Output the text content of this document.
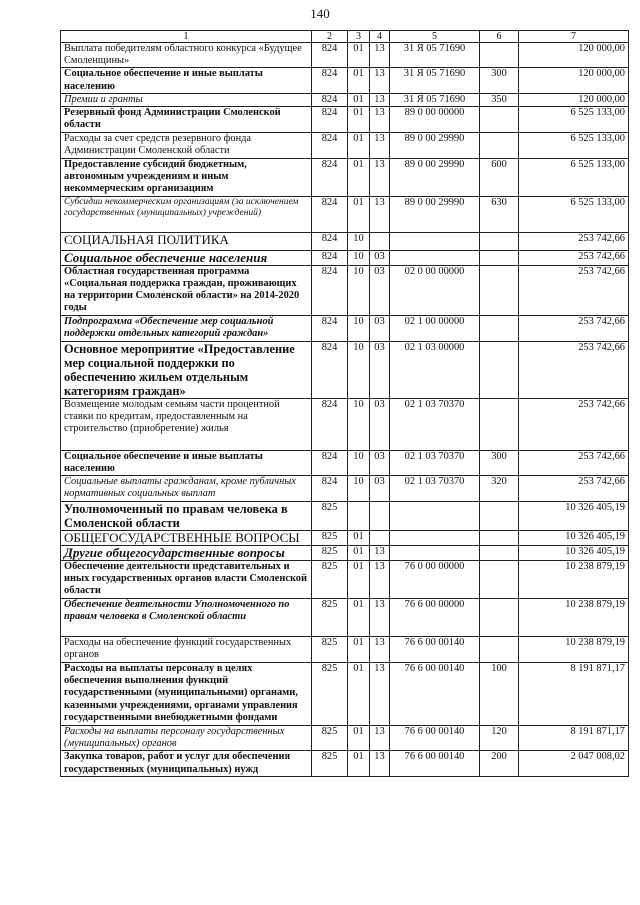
140
1	2	3	4	5	6	7
Выплата победителям областного конкурса «Будущее Смоленщины»	824	01	13	31 Я 05 71690		120 000,00
Социальное обеспечение и иные выплаты населению	824	01	13	31 Я 05 71690	300	120 000,00
Премии и гранты	824	01	13	31 Я 05 71690	350	120 000,00
Резервный фонд Администрации Смоленской области	824	01	13	89 0 00 00000		6 525 133,00
Расходы за счет средств резервного фонда Администрации Смоленской области	824	01	13	89 0 00 29990		6 525 133,00
Предоставление субсидий бюджетным, автономным учреждениям и иным некоммерческим организациям	824	01	13	89 0 00 29990	600	6 525 133,00
Субсидии некоммерческим организациям (за исключением государственных (муниципальных) учреждений)	824	01	13	89 0 00 29990	630	6 525 133,00
СОЦИАЛЬНАЯ ПОЛИТИКА	824	10				253 742,66
Социальное обеспечение населения	824	10	03			253 742,66
Областная государственная программа «Социальная поддержка граждан, проживающих на территории Смоленской области» на 2014-2020 годы	824	10	03	02 0 00 00000		253 742,66
Подпрограмма «Обеспечение мер социальной поддержки отдельных категорий граждан»	824	10	03	02 1 00 00000		253 742,66
Основное мероприятие «Предоставление мер социальной поддержки по обеспечению жильем отдельным категориям граждан»	824	10	03	02 1 03 00000		253 742,66
Возмещение молодым семьям части процентной ставки по кредитам, предоставленным на строительство (приобретение) жилья	824	10	03	02 1 03 70370		253 742,66
Социальное обеспечение и иные выплаты населению	824	10	03	02 1 03 70370	300	253 742,66
Социальные выплаты гражданам, кроме публичных нормативных социальных выплат	824	10	03	02 1 03 70370	320	253 742,66
Уполномоченный по правам человека в Смоленской области	825					10 326 405,19
ОБЩЕГОСУДАРСТВЕННЫЕ ВОПРОСЫ	825	01				10 326 405,19
Другие общегосударственные вопросы	825	01	13			10 326 405,19
Обеспечение деятельности представительных и иных государственных органов власти Смоленской области	825	01	13	76 0 00 00000		10 238 879,19
Обеспечение деятельности Уполномоченного по правам человека в Смоленской области	825	01	13	76 6 00 00000		10 238 879,19
Расходы на обеспечение функций государственных органов	825	01	13	76 6 00 00140		10 238 879,19
Расходы на выплаты персоналу в целях обеспечения выполнения функций государственными (муниципальными) органами, казенными учреждениями, органами управления государственными внебюджетными фондами	825	01	13	76 6 00 00140	100	8 191 871,17
Расходы на выплаты персоналу государственных (муниципальных) органов	825	01	13	76 6 00 00140	120	8 191 871,17
Закупка товаров, работ и услуг для обеспечения государственных (муниципальных) нужд	825	01	13	76 6 00 00140	200	2 047 008,02
